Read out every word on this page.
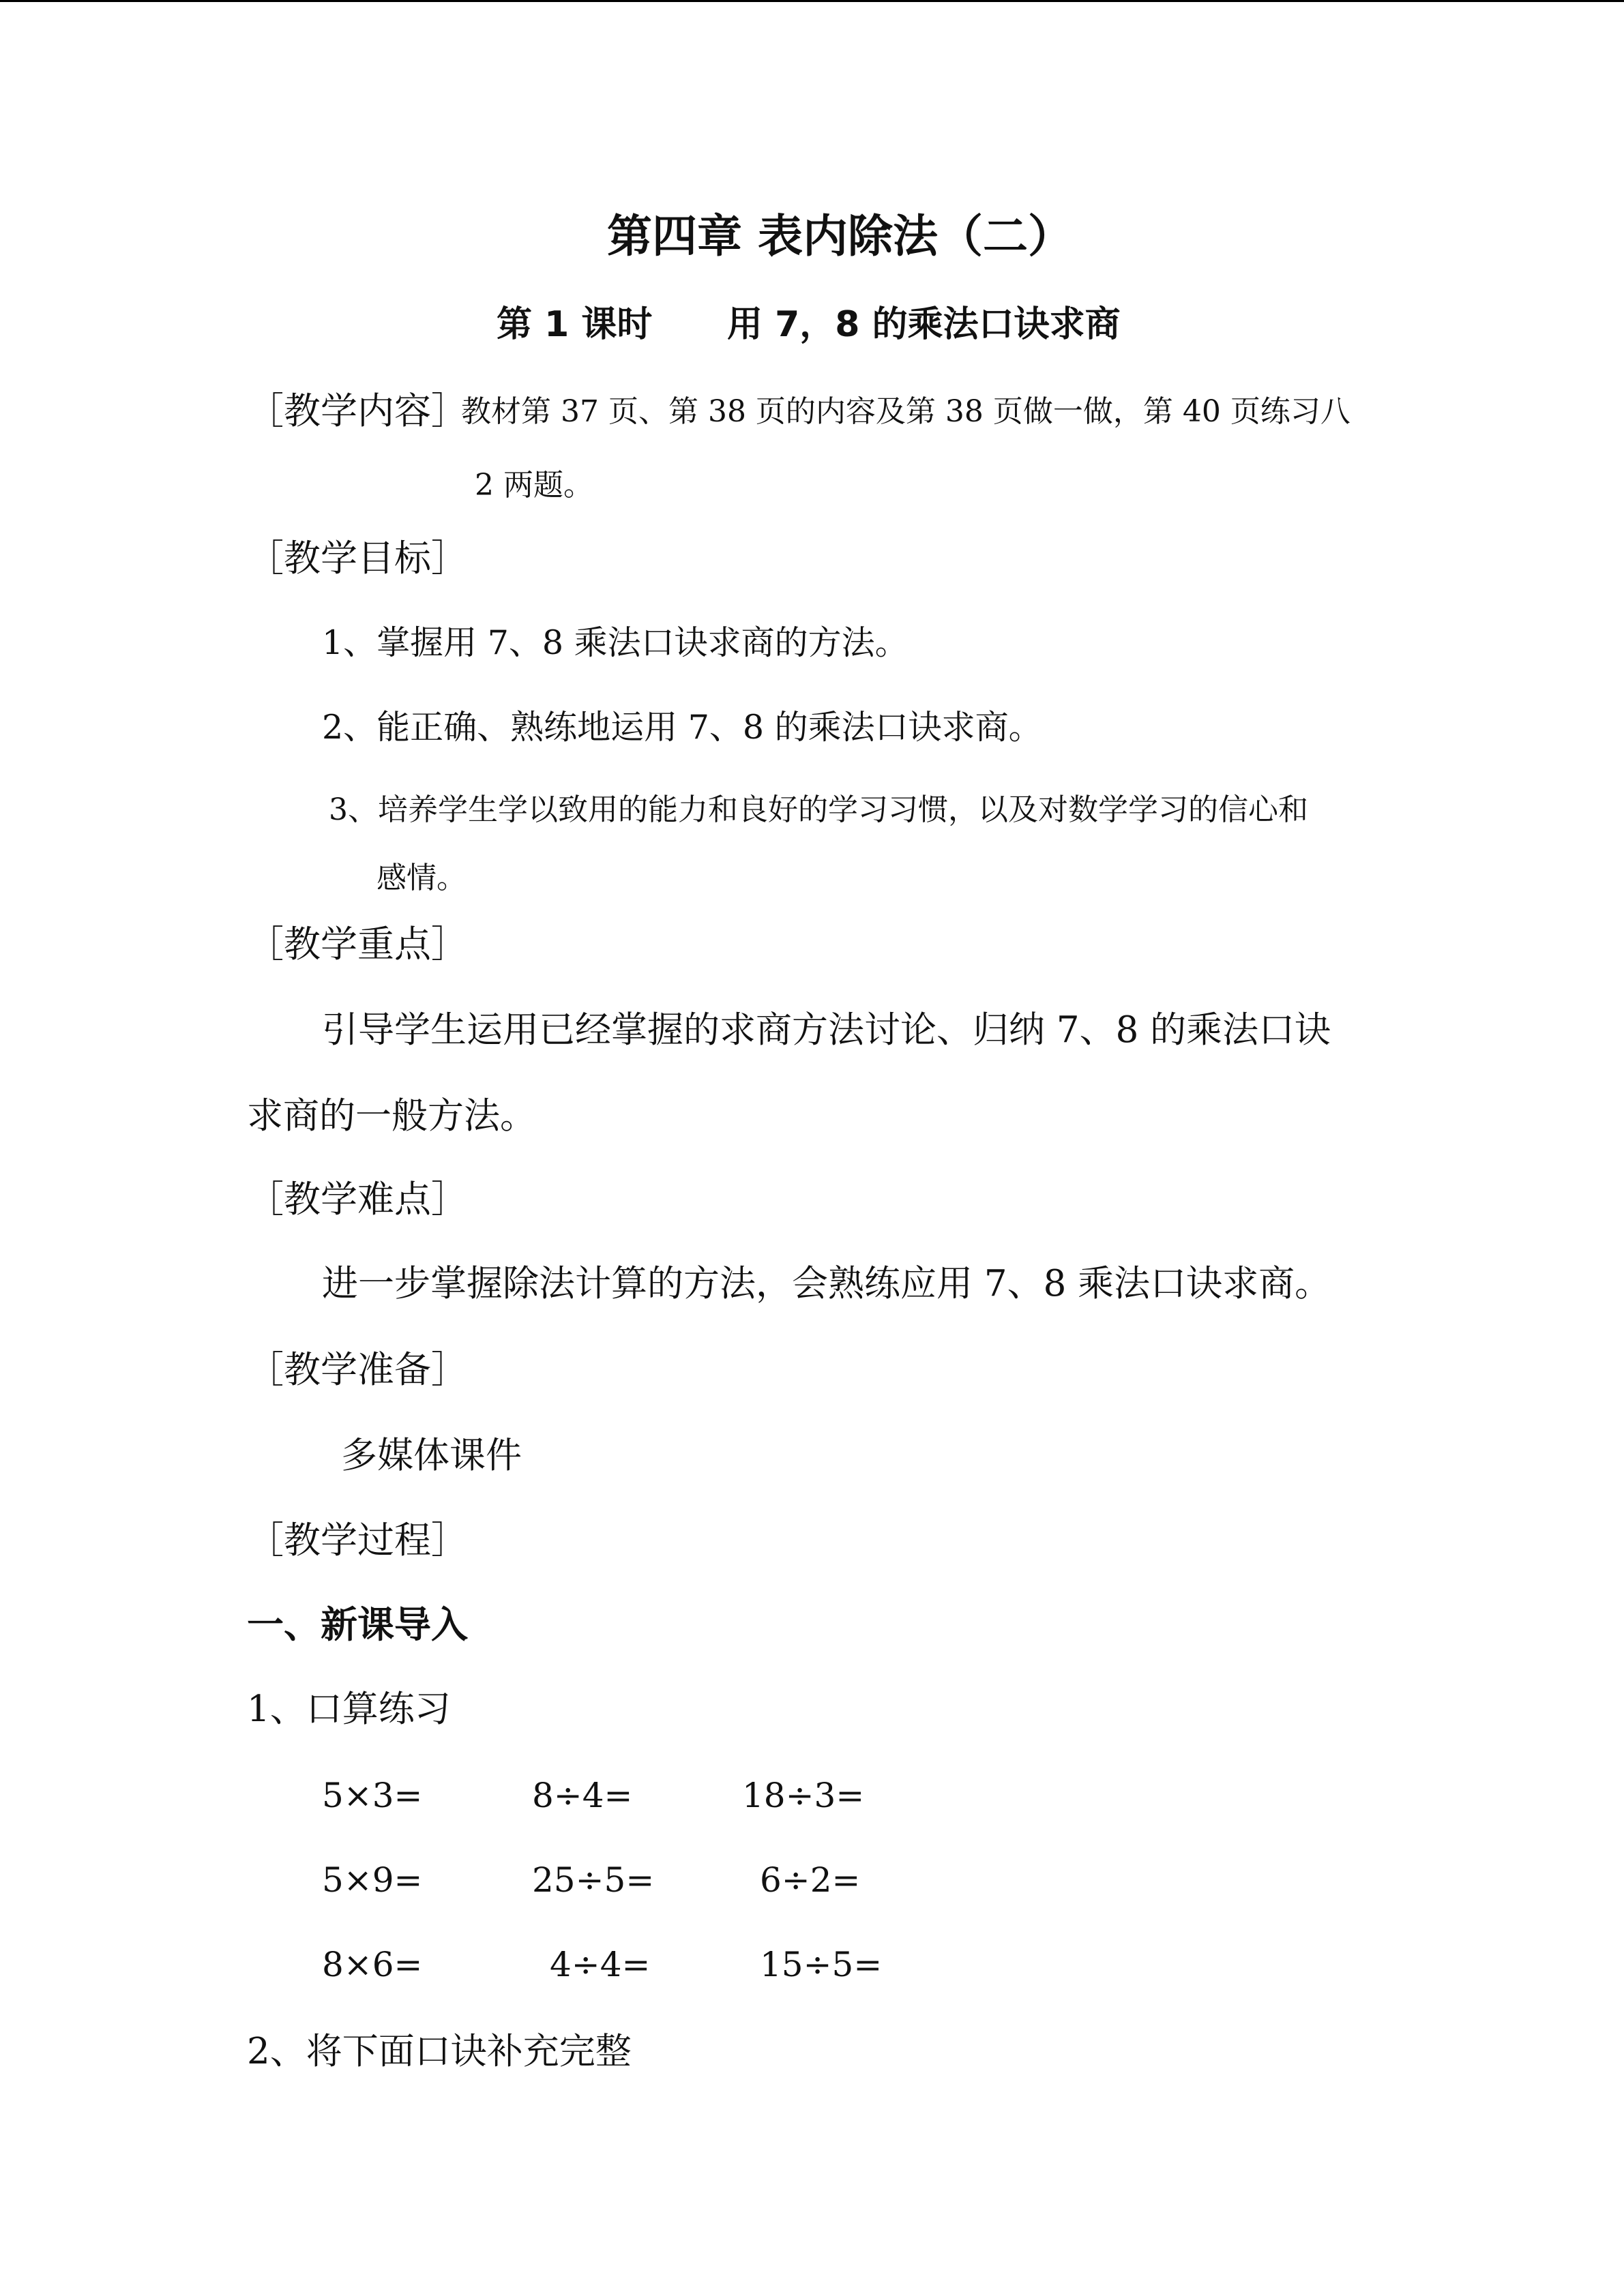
第四章 表内除法（二）
第 1 课时 用 7，8 的乘法口诀求商
［教学内容］
教材第 37 页、第 38 页的内容及第 38 页做一做，第 40 页练习八
2 两题。
［教学目标］
1、掌握用 7、8 乘法口诀求商的方法。
2、能正确、熟练地运用 7、8 的乘法口诀求商。
3、培养学生学以致用的能力和良好的学习习惯，以及对数学学习的信心和
感情。
［教学重点］
引导学生运用已经掌握的求商方法讨论、归纳 7、8 的乘法口诀
求商的一般方法。
［教学难点］
进一步掌握除法计算的方法，会熟练应用 7、8 乘法口诀求商。
［教学准备］
多媒体课件
［教学过程］
一、新课导入
1、口算练习
5×3=	8÷4=	18÷3=
5×9=	25÷5=	6÷2=
8×6=	4÷4=	15÷5=
2、将下面口诀补充完整
